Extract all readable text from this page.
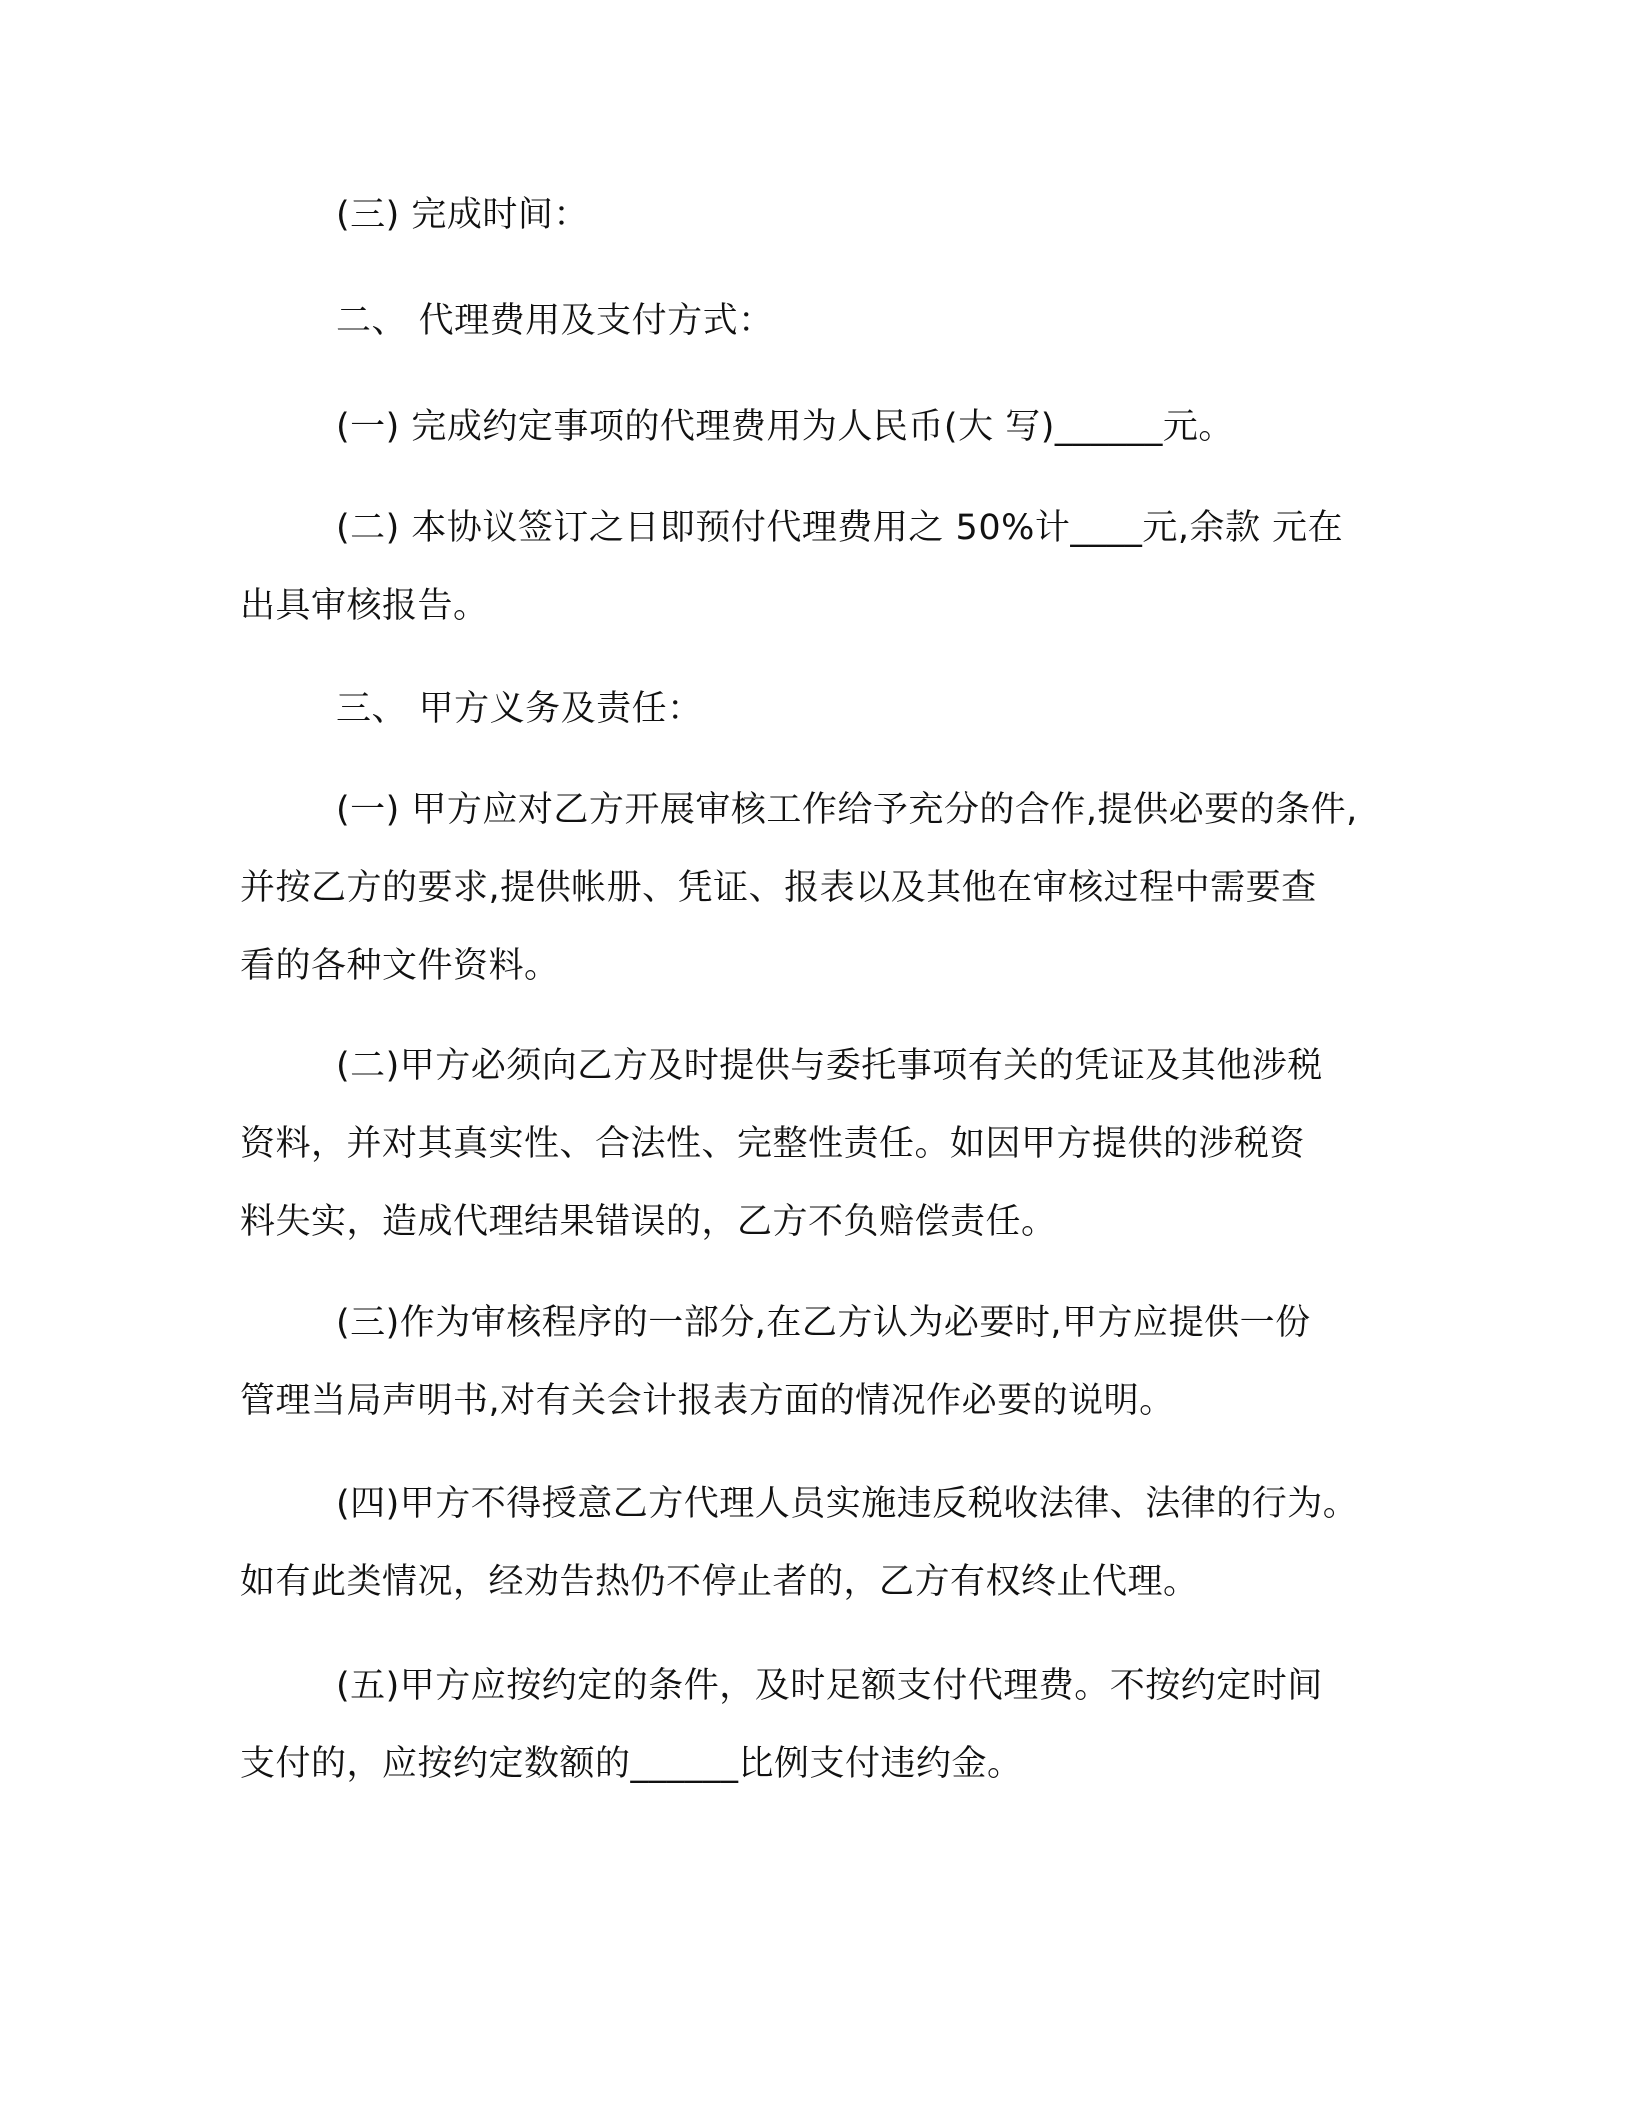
(三) 完成时间：
二、 代理费用及支付方式：
(一) 完成约定事项的代理费用为人民币(大 写)______元。
(二) 本协议签订之日即预付代理费用之 50%计____元,余款 元在
出具审核报告。
三、 甲方义务及责任：
(一) 甲方应对乙方开展审核工作给予充分的合作,提供必要的条件,
并按乙方的要求,提供帐册、凭证、报表以及其他在审核过程中需要查
看的各种文件资料。
(二)甲方必须向乙方及时提供与委托事项有关的凭证及其他涉税
资料，并对其真实性、合法性、完整性责任。如因甲方提供的涉税资
料失实，造成代理结果错误的，乙方不负赔偿责任。
(三)作为审核程序的一部分,在乙方认为必要时,甲方应提供一份
管理当局声明书,对有关会计报表方面的情况作必要的说明。
(四)甲方不得授意乙方代理人员实施违反税收法律、法律的行为。
如有此类情况，经劝告热仍不停止者的，乙方有权终止代理。
(五)甲方应按约定的条件，及时足额支付代理费。不按约定时间
支付的，应按约定数额的______比例支付违约金。
